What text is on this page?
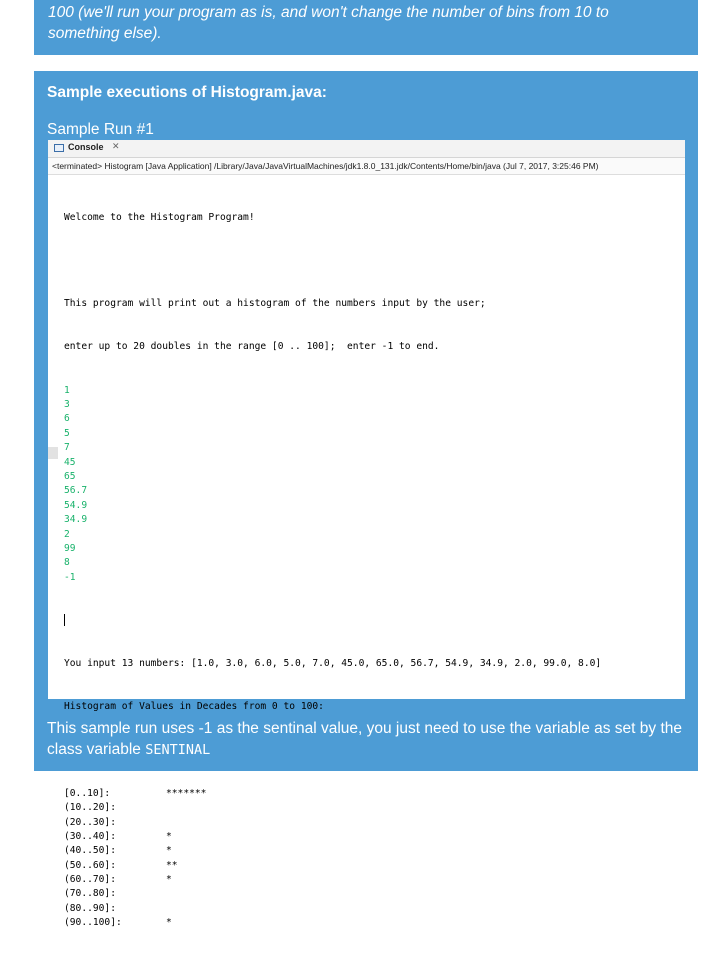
100 (we'll run your program as is, and won't change the number of bins from 10 to something else).

Sample executions of Histogram.java:
Sample Run #1
Console ✕
<terminated> Histogram [Java Application] /Library/Java/JavaVirtualMachines/jdk1.8.0_131.jdk/Contents/Home/bin/java (Jul 7, 2017, 3:25:46 PM)

Welcome to the Histogram Program!

This program will print out a histogram of the numbers input by the user;

enter up to 20 doubles in the range [0 .. 100];  enter -1 to end.

1
3
6
5
7
45
65
56.7
54.9
34.9
2
99
8
-1

You input 13 numbers: [1.0, 3.0, 6.0, 5.0, 7.0, 45.0, 65.0, 56.7, 54.9, 34.9, 2.0, 99.0, 8.0]

Histogram of Values in Decades from 0 to 100:

[0..10]:	*******
(10..20]:
(20..30]:
(30..40]:	*
(40..50]:	*
(50..60]:	**
(60..70]:	*
(70..80]:
(80..90]:
(90..100]:	*

This sample run uses -1 as the sentinal value, you just need to use the variable as set by the class variable SENTINAL
